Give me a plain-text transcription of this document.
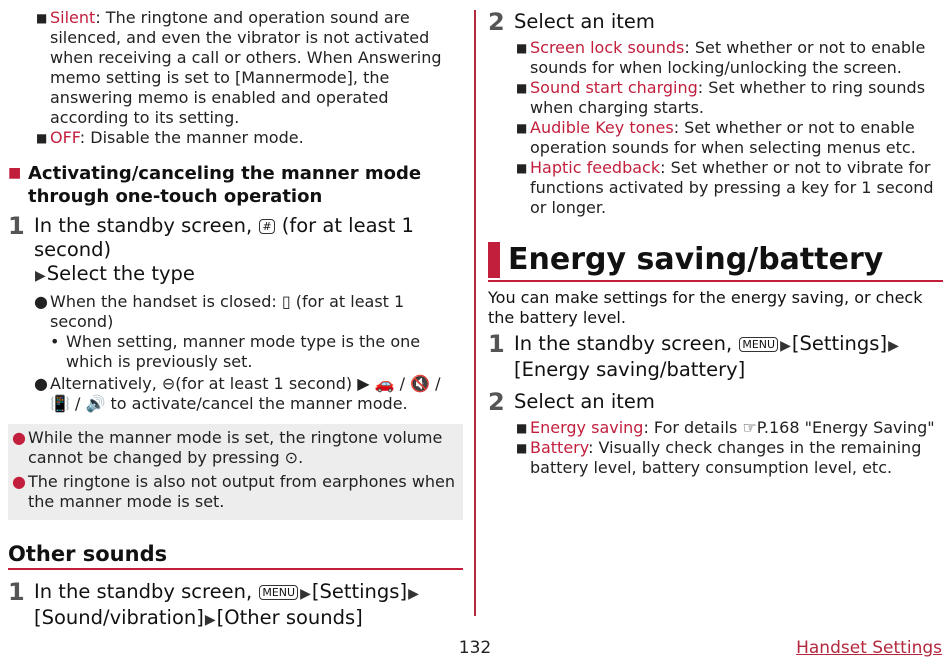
■ Silent: The ringtone and operation sound are silenced, and even the vibrator is not activated when receiving a call or others. When Answering memo setting is set to [Mannermode], the answering memo is enabled and operated according to its setting.
■ OFF: Disable the manner mode.
■ Activating/canceling the manner mode through one-touch operation
1 In the standby screen, # (for at least 1 second)
▶Select the type
● When the handset is closed: ▯ (for at least 1 second)
• When setting, manner mode type is the one which is previously set.
● Alternatively, ⊖(for at least 1 second) ▶ 🚗 / 🔇 / 📳 / 🔊 to activate/cancel the manner mode.
● While the manner mode is set, the ringtone volume cannot be changed by pressing ⊙.
● The ringtone is also not output from earphones when the manner mode is set.
Other sounds
1 In the standby screen, MENU ▶[Settings]▶
[Sound/vibration]▶[Other sounds]
2 Select an item
■ Screen lock sounds: Set whether or not to enable sounds for when locking/unlocking the screen.
■ Sound start charging: Set whether to ring sounds when charging starts.
■ Audible Key tones: Set whether or not to enable operation sounds for when selecting menus etc.
■ Haptic feedback: Set whether or not to vibrate for functions activated by pressing a key for 1 second or longer.
Energy saving/battery
You can make settings for the energy saving, or check the battery level.
1 In the standby screen, MENU ▶[Settings]▶
[Energy saving/battery]
2 Select an item
■ Energy saving: For details ☞P.168 "Energy Saving"
■ Battery: Visually check changes in the remaining battery level, battery consumption level, etc.
132	Handset Settings
